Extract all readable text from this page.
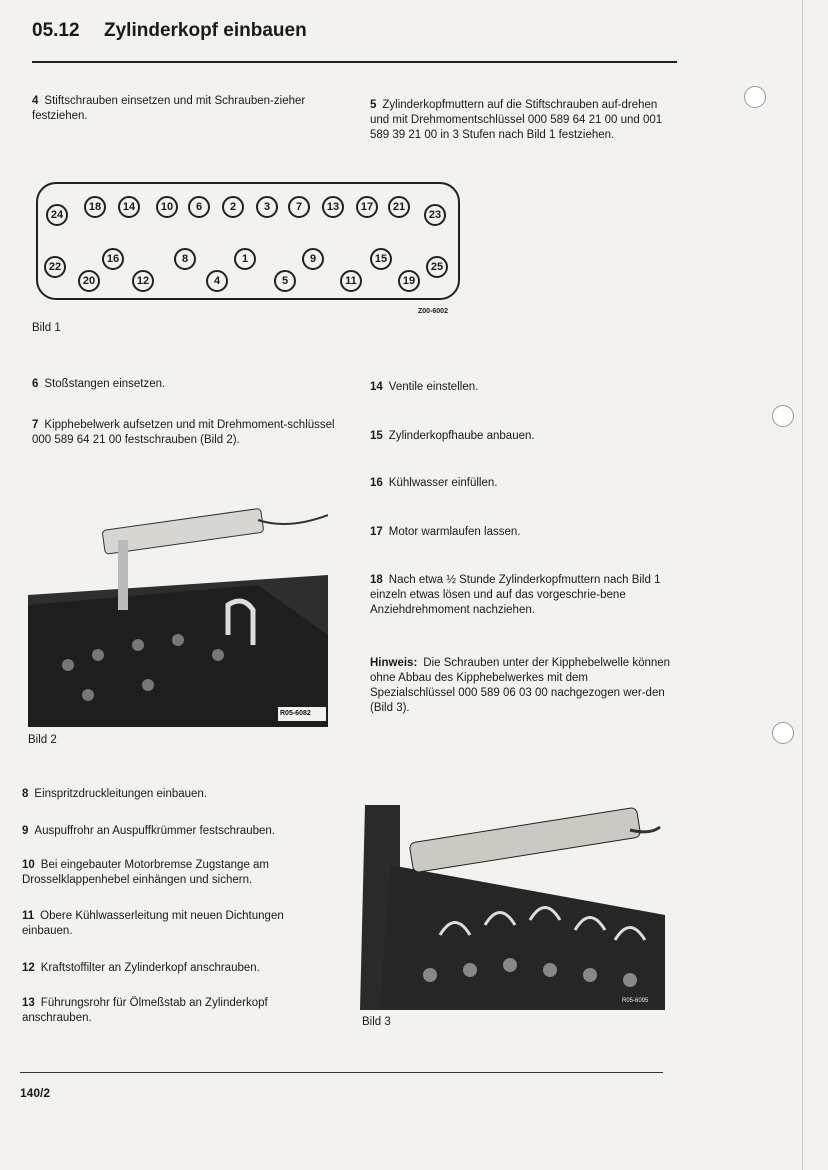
05.12 Zylinderkopf einbauen
4 Stiftschrauben einsetzen und mit Schrauben-zieher festziehen.
5 Zylinderkopfmuttern auf die Stiftschrauben auf-drehen und mit Drehmomentschlüssel 000 589 64 21 00 und 001 589 39 21 00 in 3 Stufen nach Bild 1 festziehen.
24
18	14	10	6	2	3	7	13	17	21
23
22
20
16
12
8
4
1
5
9
11
15
19
25
Z00-6002
Bild 1
6 Stoßstangen einsetzen.
7 Kipphebelwerk aufsetzen und mit Drehmoment-schlüssel 000 589 64 21 00 festschrauben (Bild 2).
R05-6082
Bild 2
14 Ventile einstellen.
15 Zylinderkopfhaube anbauen.
16 Kühlwasser einfüllen.
17 Motor warmlaufen lassen.
18 Nach etwa ½ Stunde Zylinderkopfmuttern nach Bild 1 einzeln etwas lösen und auf das vorgeschrie-bene Anziehdrehmoment nachziehen.
Hinweis: Die Schrauben unter der Kipphebelwelle können ohne Abbau des Kipphebelwerkes mit dem Spezialschlüssel 000 589 06 03 00 nachgezogen wer-den (Bild 3).
8 Einspritzdruckleitungen einbauen.
9 Auspuffrohr an Auspuffkrümmer festschrauben.
10 Bei eingebauter Motorbremse Zugstange am Drosselklappenhebel einhängen und sichern.
11 Obere Kühlwasserleitung mit neuen Dichtungen einbauen.
12 Kraftstoffilter an Zylinderkopf anschrauben.
13 Führungsrohr für Ölmeßstab an Zylinderkopf anschrauben.
R05-6095
Bild 3
140/2
